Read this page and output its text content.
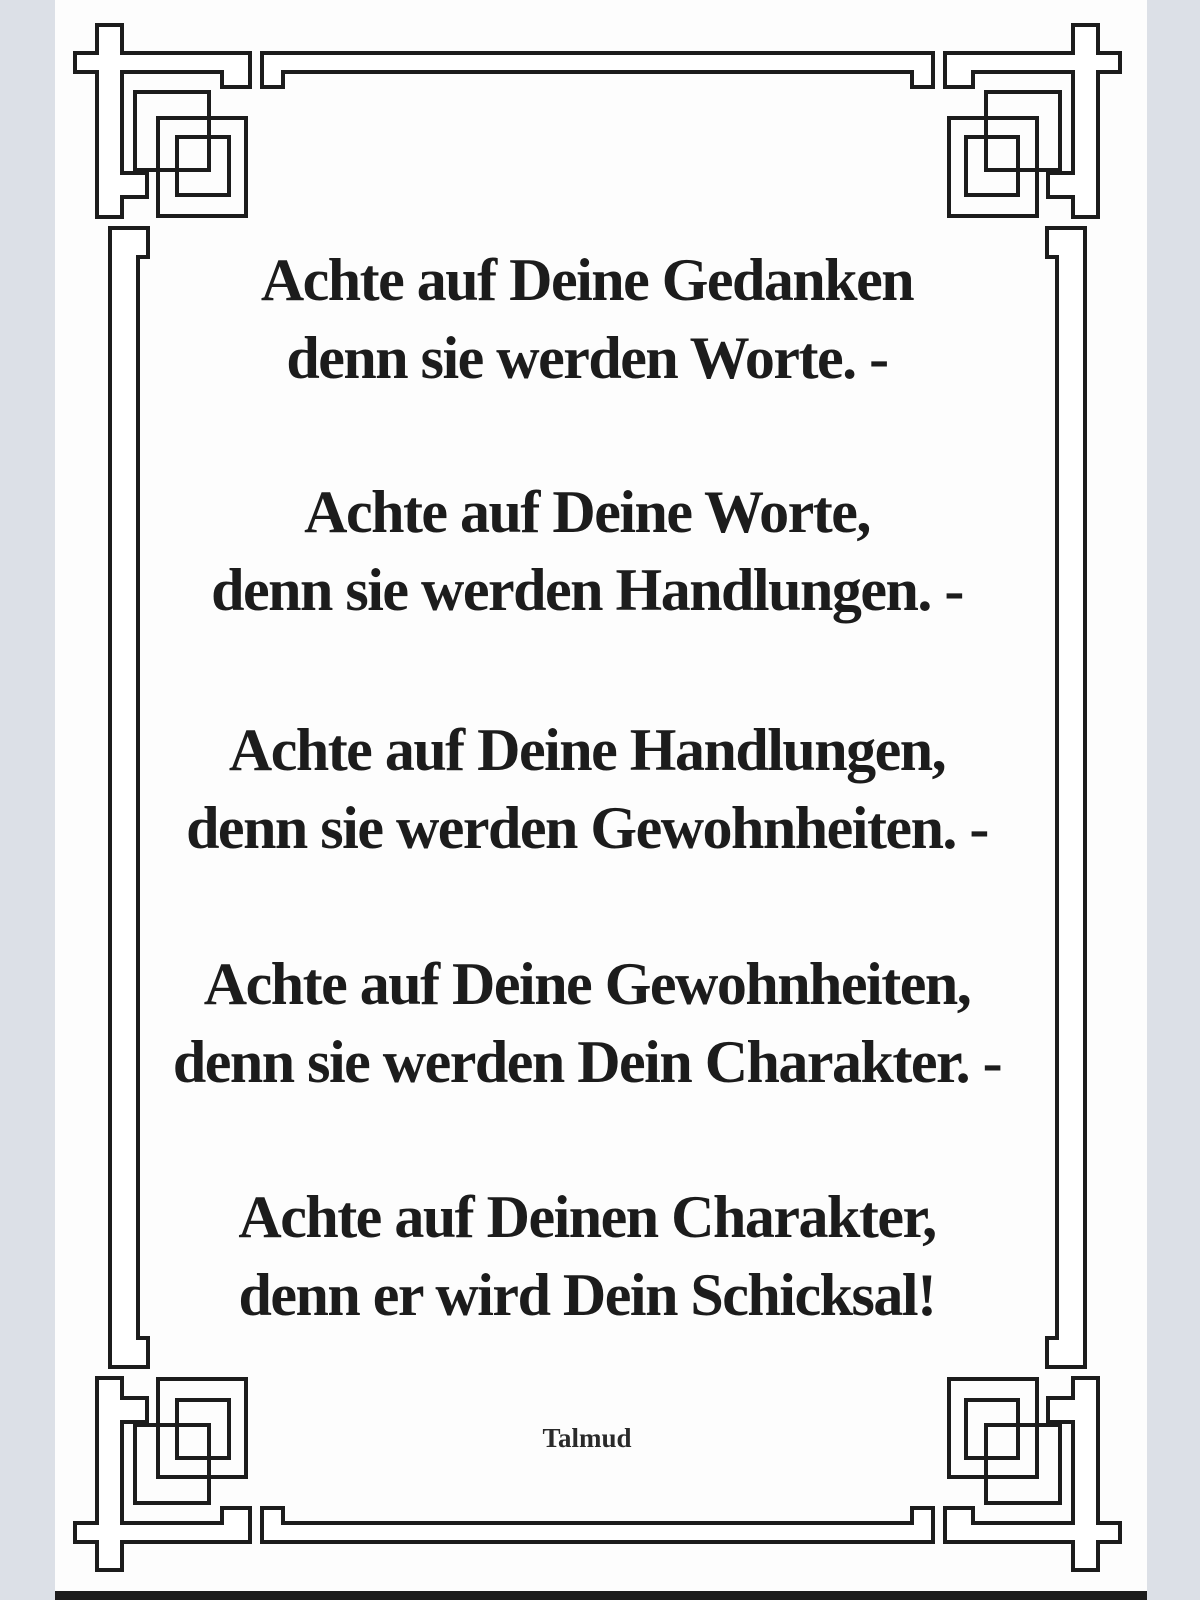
Achte auf Deine Gedanken
denn sie werden Worte. -
Achte auf Deine Worte,
denn sie werden Handlungen. -
Achte auf Deine Handlungen,
denn sie werden Gewohnheiten. -
Achte auf Deine Gewohnheiten,
denn sie werden Dein Charakter. -
Achte auf Deinen Charakter,
denn er wird Dein Schicksal!
Talmud
